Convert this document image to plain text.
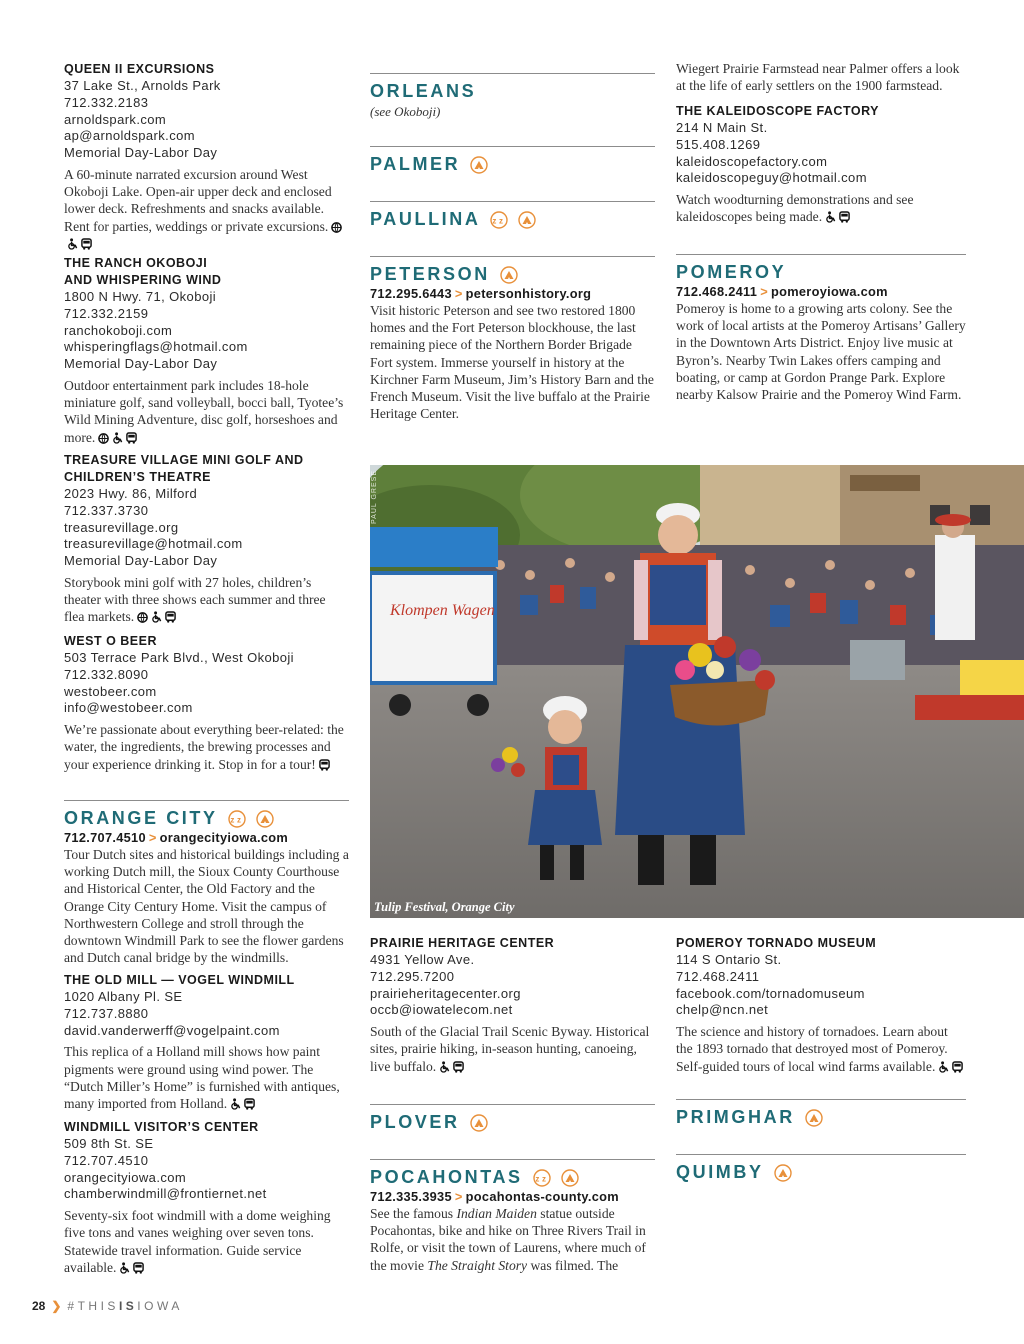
QUEEN II EXCURSIONS
37 Lake St., Arnolds Park
712.332.2183
arnoldspark.com
ap@arnoldspark.com
Memorial Day-Labor Day
A 60-minute narrated excursion around West Okoboji Lake. Open-air upper deck and enclosed lower deck. Refreshments and snacks available. Rent for parties, weddings or private excursions.
THE RANCH OKOBOJI
AND WHISPERING WIND
1800 N Hwy. 71, Okoboji
712.332.2159
ranchokoboji.com
whisperingflags@hotmail.com
Memorial Day-Labor Day
Outdoor entertainment park includes 18-hole miniature golf, sand volleyball, bocci ball, Tyotee’s Wild Mining Adventure, disc golf, horseshoes and more.
TREASURE VILLAGE MINI GOLF AND
CHILDREN’S THEATRE
2023 Hwy. 86, Milford
712.337.3730
treasurevillage.org
treasurevillage@hotmail.com
Memorial Day-Labor Day
Storybook mini golf with 27 holes, children’s theater with three shows each summer and three flea markets.
WEST O BEER
503 Terrace Park Blvd., West Okoboji
712.332.8090
westobeer.com
info@westobeer.com
We’re passionate about everything beer-related: the water, the ingredients, the brewing processes and your experience drinking it. Stop in for a tour!
ORANGE CITY zz
712.707.4510 > orangecityiowa.com
Tour Dutch sites and historical buildings including a working Dutch mill, the Sioux County Courthouse and Historical Center, the Old Factory and the Orange City Century Home. Visit the campus of Northwestern College and stroll through the downtown Windmill Park to see the flower gardens and Dutch canal bridge by the windmills.
THE OLD MILL — VOGEL WINDMILL
1020 Albany Pl. SE
712.737.8880
david.vanderwerff@vogelpaint.com
This replica of a Holland mill shows how paint pigments were ground using wind power. The “Dutch Miller’s Home” is furnished with antiques, many imported from Holland.
WINDMILL VISITOR’S CENTER
509 8th St. SE
712.707.4510
orangecityiowa.com
chamberwindmill@frontiernet.net
Seventy-six foot windmill with a dome weighing five tons and vanes weighing over seven tons. Statewide travel information. Guide service available.
ORLEANS
(see Okoboji)
PALMER
PAULLINA zz
PETERSON
712.295.6443 > petersonhistory.org
Visit historic Peterson and see two restored 1800 homes and the Fort Peterson blockhouse, the last remaining piece of the Northern Border Brigade Fort system. Immerse yourself in history at the Kirchner Farm Museum, Jim’s History Barn and the French Museum. Visit the live buffalo at the Prairie Heritage Center.
PRAIRIE HERITAGE CENTER
4931 Yellow Ave.
712.295.7200
prairieheritagecenter.org
occb@iowatelecom.net
South of the Glacial Trail Scenic Byway. Historical sites, prairie hiking, in-season hunting, canoeing, live buffalo.
PLOVER
POCAHONTAS zz
712.335.3935 > pocahontas-county.com
See the famous Indian Maiden statue outside Pocahontas, bike and hike on Three Rivers Trail in Rolfe, or visit the town of Laurens, where much of the movie The Straight Story was filmed. The
Wiegert Prairie Farmstead near Palmer offers a look at the life of early settlers on the 1900 farmstead.
THE KALEIDOSCOPE FACTORY
214 N Main St.
515.408.1269
kaleidoscopefactory.com
kaleidoscopeguy@hotmail.com
Watch woodturning demonstrations and see kaleidoscopes being made.
POMEROY
712.468.2411 > pomeroyiowa.com
Pomeroy is home to a growing arts colony. See the work of local artists at the Pomeroy Artisans’ Gallery in the Downtown Arts District. Enjoy live music at Byron’s. Nearby Twin Lakes offers camping and boating, or camp at Gordon Prange Park. Explore nearby Kalsow Prairie and the Pomeroy Wind Farm.
POMEROY TORNADO MUSEUM
114 S Ontario St.
712.468.2411
facebook.com/tornadomuseum
chelp@ncn.net
The science and history of tornadoes. Learn about the 1893 tornado that destroyed most of Pomeroy. Self-guided tours of local wind farms available.
PRIMGHAR
QUIMBY
Klompen Wagen
PAUL GRESE
Tulip Festival, Orange City
28 ❯ #THISISIOWA
